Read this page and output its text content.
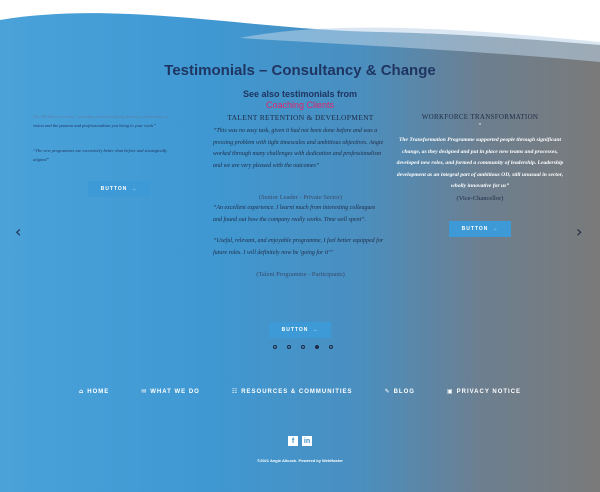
Testimonials – Consultancy & Change
See also testimonials from
Coaching Clients
The HR Director wrote “amazing work in building the team, delivering our
vision and the passion and professionalism you bring to your work”
“The new programmes are excessively better than before and strategically
aligned”
BUTTON →
TALENT RETENTION & DEVELOPMENT
“This was no easy task, given it had not been done before and was a pressing problem with tight timescales and ambitious objectives. Angie worked through many challenges with dedication and professionalism and we are very pleased with the outcomes”
(Senior Leader - Private Sector)
“An excellent experience. I learnt much from interesting colleagues
and found out how the company really works. Time well spent”.
“Useful, relevant, and enjoyable programme, I feel better equipped for future roles. I will definitely now be 'going for it'”
(Talent Programme - Participants)
BUTTON →
WORKFORCE TRANSFORMATION
“
The Transformation Programme supported people through significant change, as they designed and put in place new teams and processes, developed new roles, and formed a community of leadership. Leadership development as an integral part of ambitious OD, still unusual in sector, wholly innovative for us”
(Vice-Chancellor)
BUTTON →
‹	›
⌂ HOME	✉ WHAT WE DO	☷ RESOURCES & COMMUNITIES	✎ BLOG	▣ PRIVACY NOTICE
f	in
©2021 Angie Allcock. Powered by WebHaster
